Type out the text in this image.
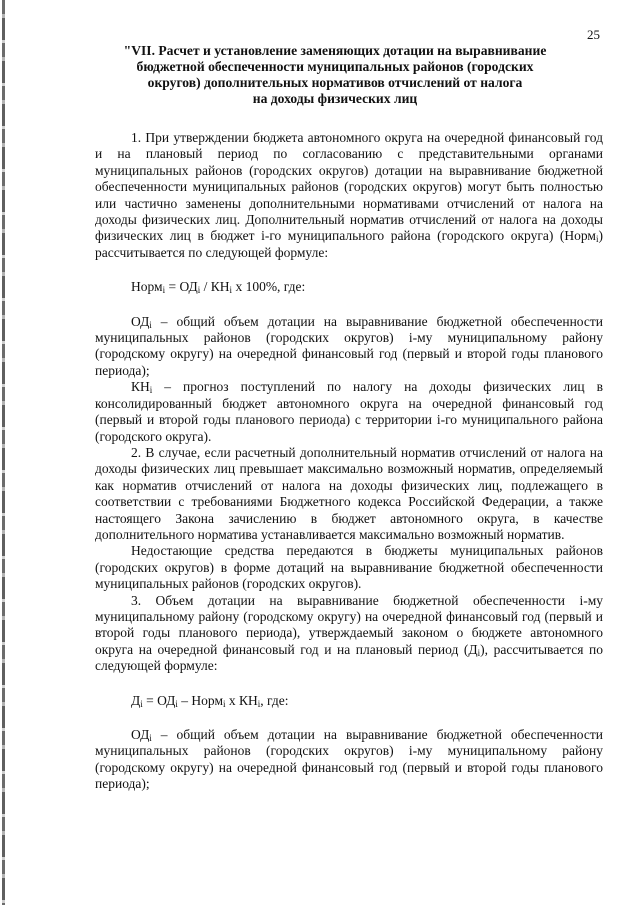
25
"VII. Расчет и установление заменяющих дотации на выравнивание
бюджетной обеспеченности муниципальных районов (городских
округов) дополнительных нормативов отчислений от налога
на доходы физических лиц

1. При утверждении бюджета автономного округа на очередной финансовый год и на плановый период по согласованию с представительными органами муниципальных районов (городских округов) дотации на выравнивание бюджетной обеспеченности муниципальных районов (городских округов) могут быть полностью или частично заменены дополнительными нормативами отчислений от налога на доходы физических лиц. Дополнительный норматив отчислений от налога на доходы физических лиц в бюджет i-го муниципального района (городского округа) (Норм$_i$) рассчитывается по следующей формуле:

Норм$_i$ = $ОД_i / КН_i$ x 100%, где:

$ОД_i$ – общий объем дотации на выравнивание бюджетной обеспеченности муниципальных районов (городских округов) i-му муниципальному району (городскому округу) на очередной финансовый год (первый и второй годы планового периода);

$КН_i$ – прогноз поступлений по налогу на доходы физических лиц в консолидированный бюджет автономного округа на очередной финансовый год (первый и второй годы планового периода) с территории i-го муниципального района (городского округа).

2. В случае, если расчетный дополнительный норматив отчислений от налога на доходы физических лиц превышает максимально возможный норматив, определяемый как норматив отчислений от налога на доходы физических лиц, подлежащего в соответствии с требованиями Бюджетного кодекса Российской Федерации, а также настоящего Закона зачислению в бюджет автономного округа, в качестве дополнительного норматива устанавливается максимально возможный норматив.

Недостающие средства передаются в бюджеты муниципальных районов (городских округов) в форме дотаций на выравнивание бюджетной обеспеченности муниципальных районов (городских округов).

3. Объем дотации на выравнивание бюджетной обеспеченности i-му муниципальному району (городскому округу) на очередной финансовый год (первый и второй годы планового периода), утверждаемый законом о бюджете автономного округа на очередной финансовый год и на плановый период $(Д_i)$, рассчитывается по следующей формуле:

$Д_i = ОД_i$ – Норм$_i$ x $КН_i$, где:

$ОД_i$ – общий объем дотации на выравнивание бюджетной обеспеченности муниципальных районов (городских округов) i-му муниципальному району (городскому округу) на очередной финансовый год (первый и второй годы планового периода);
